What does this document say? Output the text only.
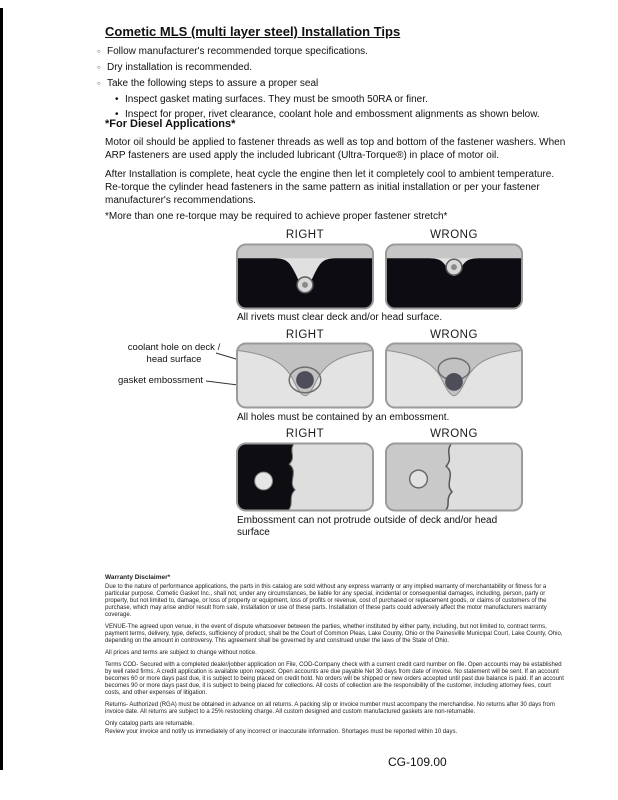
Cometic MLS (multi layer steel) Installation Tips
○
Follow manufacturer's recommended torque specifications.
○
Dry installation is recommended.
○
Take the following steps to assure a proper seal
•
Inspect gasket mating surfaces. They must be smooth 50RA or finer.
•
Inspect for proper, rivet clearance, coolant hole and embossment alignments as shown below.
*For Diesel Applications*
Motor oil should be applied to fastener threads as well as top and bottom of the fastener washers. When ARP fasteners are used apply the included lubricant (Ultra-Torque®) in place of motor oil.
After Installation is complete, heat cycle the engine then let it completely cool to ambient temperature. Re-torque the cylinder head fasteners in the same pattern as initial installation or per your fastener manufacturer's recommendations.
*More than one re-torque may be required to achieve proper fastener stretch*
RIGHT	WRONG
All rivets must clear deck and/or head surface.
RIGHT	WRONG
coolant hole on deck / head surface
gasket embossment
All holes must be contained by an embossment.
RIGHT	WRONG
Embossment can not protrude outside of deck and/or head surface
Warranty Disclaimer*

Due to the nature of performance applications, the parts in this catalog are sold without any express warranty or any implied warranty of merchantability or fitness for a particular purpose. Cometic Gasket Inc., shall not, under any circumstances, be liable for any special, incidental or consequential damages, including, person, party or property, but not limited to, damage, or loss of property or equipment, loss of profits or revenue, cost of purchased or replacement goods, or claims of customers of the purchase, which may arise and/or result from sale, installation or use of these parts. Installation of these parts could adversely affect the motor manufacturers warranty coverage.

VENUE-The agreed upon venue, in the event of dispute whatsoever between the parties, whether instituted by either party, including, but not limited to, contract terms, payment terms, delivery, type, defects, sufficiency of product, shall be the Court of Common Pleas, Lake County, Ohio or the Painesville Municipal Court, Lake County, Ohio, depending on the amount in controversy. This agreement shall be governed by and construed under the laws of the State of Ohio.

All prices and terms are subject to change without notice.

Terms COD- Secured with a completed dealer/jobber application on File, COD-Company check with a current credit card number on file. Open accounts may be established by well rated firms. A credit application is available upon request. Open accounts are due payable Net 30 days from date of invoice. No statement will be sent. If an account becomes 60 or more days past due, it is subject to being placed on credit hold. No orders will be shipped or new orders accepted until past due balance is paid. If an account becomes 90 or more days past due, it is subject to being placed for collections. All costs of collection are the responsibility of the customer, including attorney fees, court costs, and other expenses of litigation.

Returns- Authorized (RGA) must be obtained in advance on all returns. A packing slip or invoice number must accompany the merchandise. No returns after 30 days from invoice date. All returns are subject to a 25% restocking charge. All custom designed and custom manufactured gaskets are non-returnable.

Only catalog parts are returnable.

Review your invoice and notify us immediately of any incorrect or inaccurate information. Shortages must be reported within 10 days.

CG-109.00
